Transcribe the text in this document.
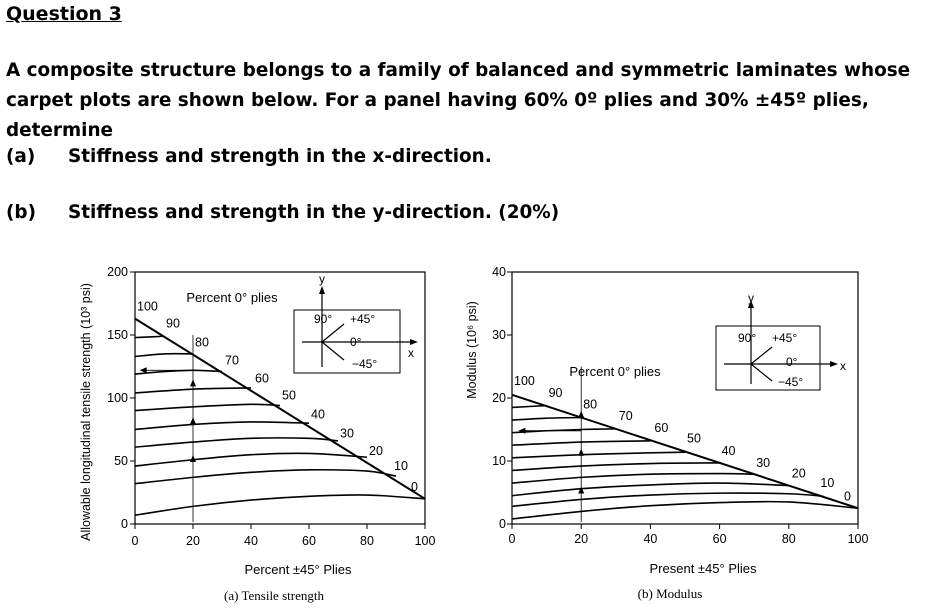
Question 3
A composite structure belongs to a family of balanced and symmetric laminates whose carpet plots are shown below. For a panel having 60% 0º plies and 30% ±45º plies, determine
(a) Stiffness and strength in the x-direction.
(b) Stiffness and strength in the y-direction. (20%)
Allowable longitudinal tensile strength (10³ psi)
Percent ±45° Plies
(a) Tensile strength
Percent 0° plies
200
150
100
50
0
0	20	40	60	80	100
100
90
80
70
60
50
40
30
20
10
0
y
x
90° +45°
0°
−45°	Modulus (10⁶ psi)
Present ±45° Plies
(b) Modulus
Percent 0° plies
40
30
20
10
0
0	20	40	60	80	100
100
90
80
70
60
50
40
30
20
10
0
y
x
90° +45°
0°
−45°
